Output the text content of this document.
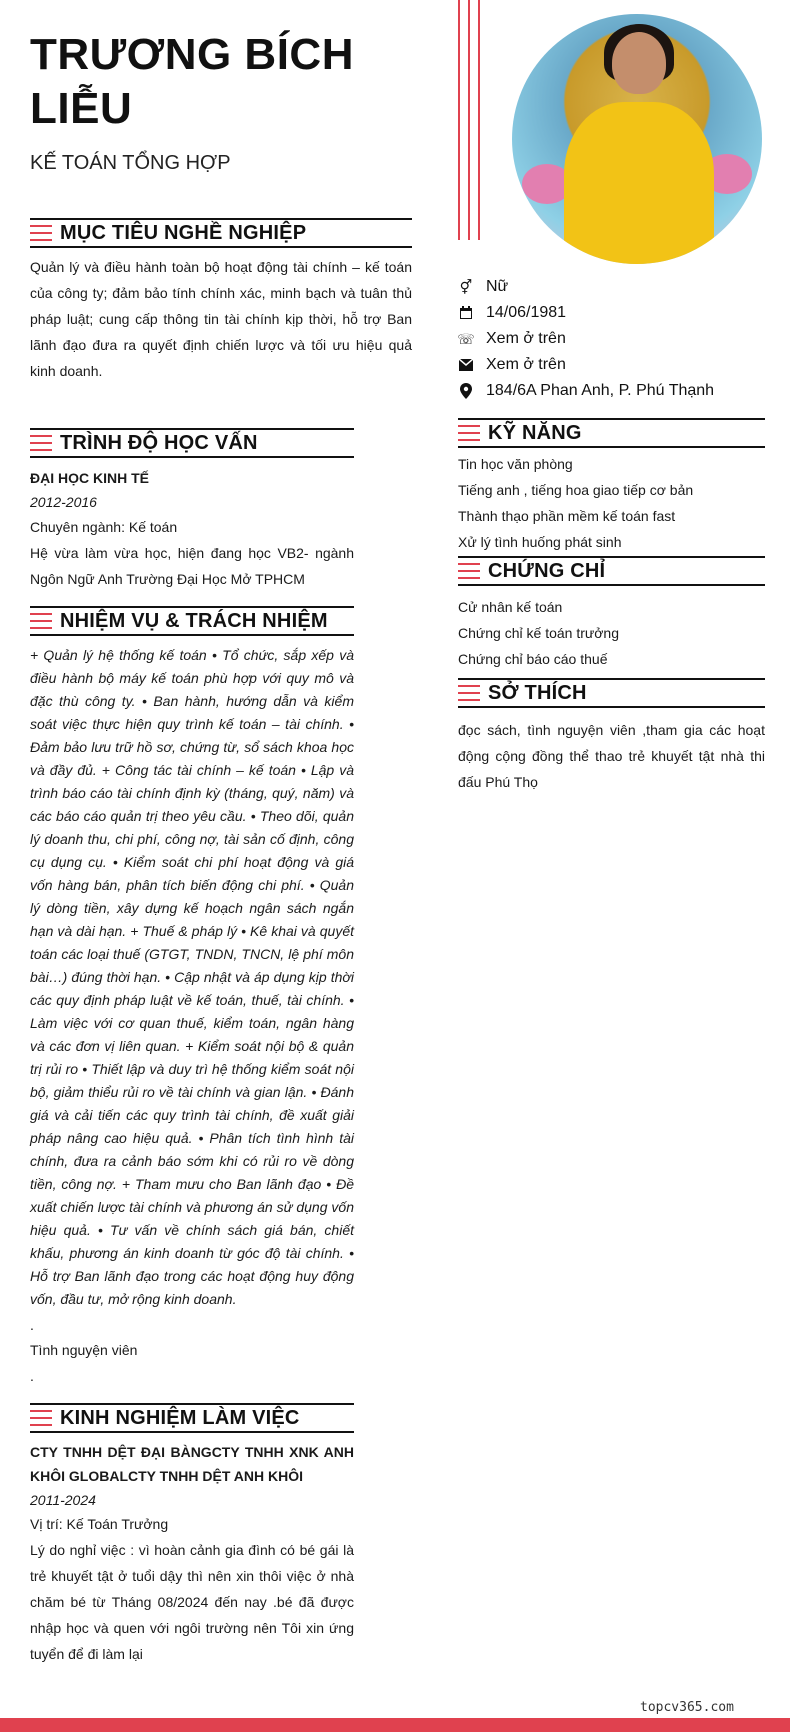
TRƯƠNG BÍCH LIỄU
KẾ TOÁN TỔNG HỢP
MỤC TIÊU NGHỀ NGHIỆP
Quản lý và điều hành toàn bộ hoạt động tài chính – kế toán của công ty; đảm bảo tính chính xác, minh bạch và tuân thủ pháp luật; cung cấp thông tin tài chính kịp thời, hỗ trợ Ban lãnh đạo đưa ra quyết định chiến lược và tối ưu hiệu quả kinh doanh.
TRÌNH ĐỘ HỌC VẤN
ĐẠI HỌC KINH TẾ
2012-2016
Chuyên ngành: Kế toán
Hệ vừa làm vừa học, hiện đang học VB2- ngành Ngôn Ngữ Anh Trường Đại Học Mở TPHCM
NHIỆM VỤ & TRÁCH NHIỆM
+ Quản lý hệ thống kế toán • Tổ chức, sắp xếp và điều hành bộ máy kế toán phù hợp với quy mô và đặc thù công ty. • Ban hành, hướng dẫn và kiểm soát việc thực hiện quy trình kế toán – tài chính. • Đảm bảo lưu trữ hồ sơ, chứng từ, sổ sách khoa học và đầy đủ. + Công tác tài chính – kế toán • Lập và trình báo cáo tài chính định kỳ (tháng, quý, năm) và các báo cáo quản trị theo yêu cầu. • Theo dõi, quản lý doanh thu, chi phí, công nợ, tài sản cố định, công cụ dụng cụ. • Kiểm soát chi phí hoạt động và giá vốn hàng bán, phân tích biến động chi phí. • Quản lý dòng tiền, xây dựng kế hoạch ngân sách ngắn hạn và dài hạn. + Thuế & pháp lý • Kê khai và quyết toán các loại thuế (GTGT, TNDN, TNCN, lệ phí môn bài…) đúng thời hạn. • Cập nhật và áp dụng kịp thời các quy định pháp luật về kế toán, thuế, tài chính. • Làm việc với cơ quan thuế, kiểm toán, ngân hàng và các đơn vị liên quan. + Kiểm soát nội bộ & quản trị rủi ro • Thiết lập và duy trì hệ thống kiểm soát nội bộ, giảm thiểu rủi ro về tài chính và gian lận. • Đánh giá và cải tiến các quy trình tài chính, đề xuất giải pháp nâng cao hiệu quả. • Phân tích tình hình tài chính, đưa ra cảnh báo sớm khi có rủi ro về dòng tiền, công nợ. + Tham mưu cho Ban lãnh đạo • Đề xuất chiến lược tài chính và phương án sử dụng vốn hiệu quả. • Tư vấn về chính sách giá bán, chiết khấu, phương án kinh doanh từ góc độ tài chính. • Hỗ trợ Ban lãnh đạo trong các hoạt động huy động vốn, đầu tư, mở rộng kinh doanh.
.
Tình nguyện viên
.
KINH NGHIỆM LÀM VIỆC
CTY TNHH DỆT ĐẠI BÀNGCTY TNHH XNK ANH KHÔI GLOBALCTY TNHH DỆT ANH KHÔI
2011-2024
Vị trí: Kế Toán Trưởng
Lý do nghỉ việc : vì hoàn cảnh gia đình có bé gái là trẻ khuyết tật ở tuổi dậy thì nên xin thôi việc ở nhà chăm bé từ Tháng 08/2024 đến nay .bé đã được nhập học và quen với ngôi trường nên Tôi xin ứng tuyển để đi làm lại
⚥ Nữ
14/06/1981
☏ Xem ở trên
Xem ở trên
184/6A Phan Anh, P. Phú Thạnh
KỸ NĂNG
Tin học văn phòng
Tiếng anh , tiếng hoa giao tiếp cơ bản
Thành thạo phần mềm kế toán fast
Xử lý tình huống phát sinh
CHỨNG CHỈ
Cử nhân kế toán
Chứng chỉ kế toán trưởng
Chứng chỉ báo cáo thuế
SỞ THÍCH
đọc sách, tình nguyện viên ,tham gia các hoạt động cộng đồng thể thao trẻ khuyết tật nhà thi đấu Phú Thọ
topcv365.com
